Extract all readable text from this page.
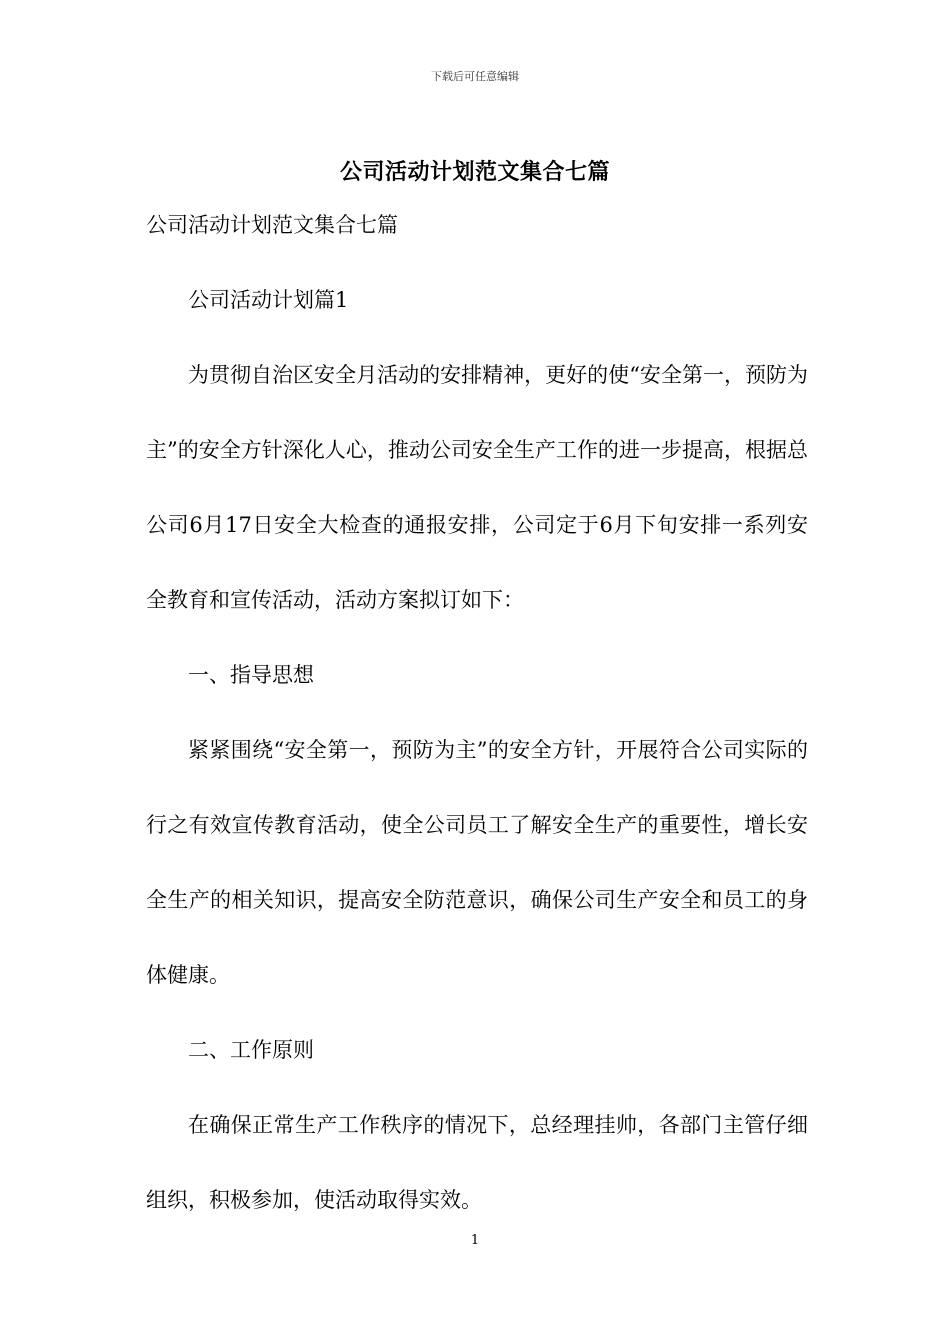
下载后可任意编辑
公司活动计划范文集合七篇
公司活动计划范文集合七篇

公司活动计划篇1

为贯彻自治区安全月活动的安排精神，更好的使“安全第一，预防为主”的安全方针深化人心，推动公司安全生产工作的进一步提高，根据总公司6月17日安全大检查的通报安排，公司定于6月下旬安排一系列安全教育和宣传活动，活动方案拟订如下：

一、指导思想

紧紧围绕“安全第一，预防为主”的安全方针，开展符合公司实际的行之有效宣传教育活动，使全公司员工了解安全生产的重要性，增长安全生产的相关知识，提高安全防范意识，确保公司生产安全和员工的身体健康。

二、工作原则

在确保正常生产工作秩序的情况下，总经理挂帅，各部门主管仔细组织，积极参加，使活动取得实效。

1
